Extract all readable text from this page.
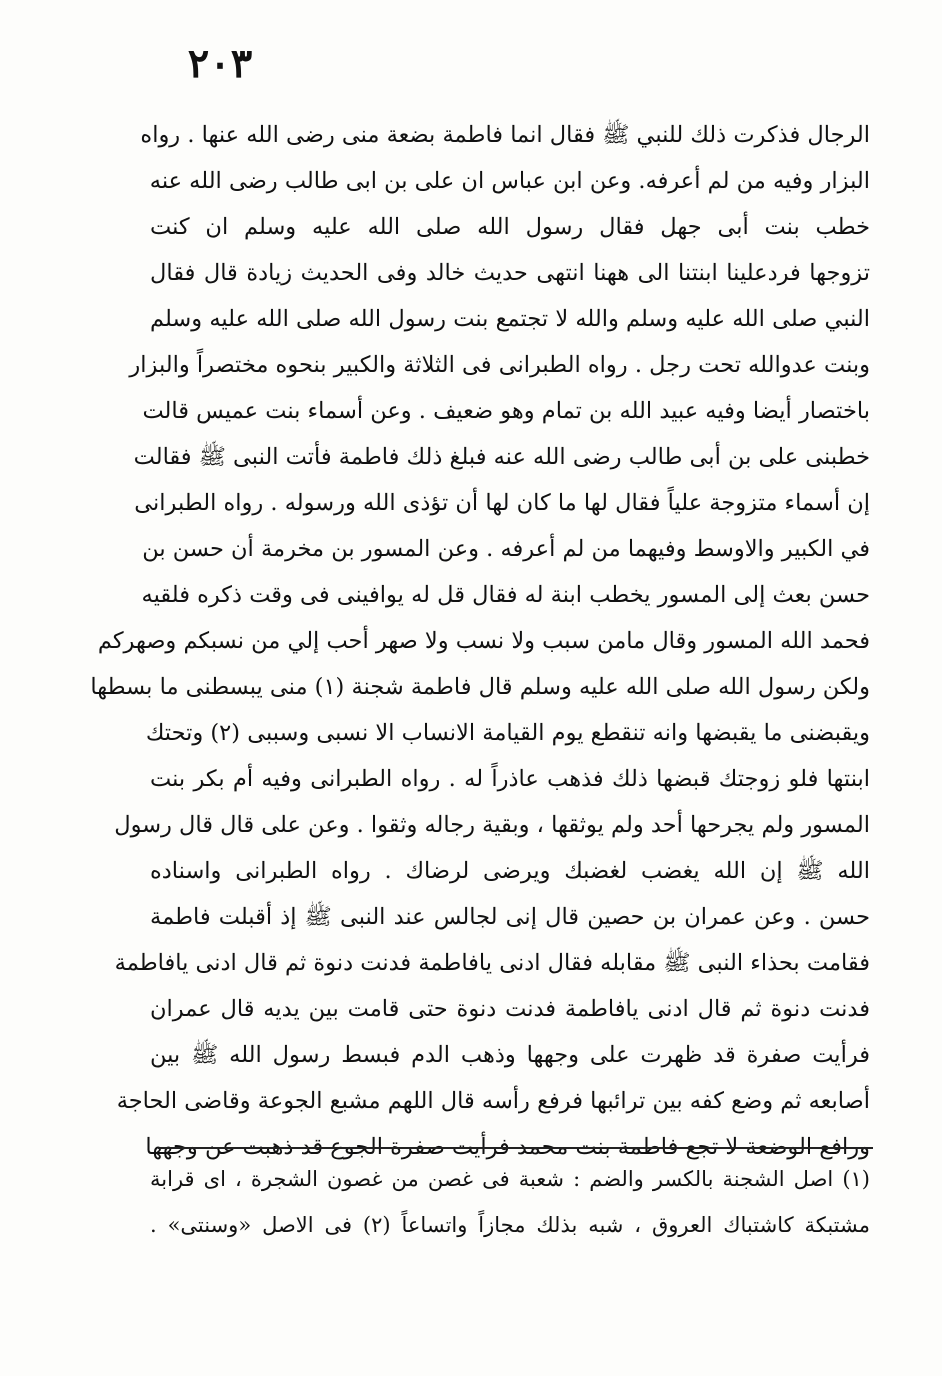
٢٠٣
الرجال فذكرت ذلك للنبي ﷺ فقال انما فاطمة بضعة منى رضى الله عنها . رواه
البزار وفيه من لم أعرفه. وعن ابن عباس ان على بن ابى طالب رضى الله عنه
خطب بنت أبى جهل فقال رسول الله صلى الله عليه وسلم ان كنت
تزوجها فردعلينا ابنتنا الى ههنا انتهى حديث خالد وفى الحديث زيادة قال فقال
النبي صلى الله عليه وسلم والله لا تجتمع بنت رسول الله صلى الله عليه وسلم
وبنت عدوالله تحت رجل . رواه الطبرانى فى الثلاثة والكبير بنحوه مختصراً والبزار
باختصار أيضا وفيه عبيد الله بن تمام وهو ضعيف . وعن أسماء بنت عميس قالت
خطبنى على بن أبى طالب رضى الله عنه فبلغ ذلك فاطمة فأتت النبى ﷺ فقالت
إن أسماء متزوجة علياً فقال لها ما كان لها أن تؤذى الله ورسوله . رواه الطبرانى
في الكبير والاوسط وفيهما من لم أعرفه . وعن المسور بن مخرمة أن حسن بن
حسن بعث إلى المسور يخطب ابنة له فقال قل له يوافينى فى وقت ذكره فلقيه
فحمد الله المسور وقال مامن سبب ولا نسب ولا صهر أحب إلي من نسبكم وصهركم
ولكن رسول الله صلى الله عليه وسلم قال فاطمة شجنة (١) منى يبسطنى ما بسطها
ويقبضنى ما يقبضها وانه تنقطع يوم القيامة الانساب الا نسبى وسببى (٢) وتحتك
ابنتها فلو زوجتك قبضها ذلك فذهب عاذراً له . رواه الطبرانى وفيه أم بكر بنت
المسور ولم يجرحها أحد ولم يوثقها ، وبقية رجاله وثقوا . وعن على قال قال رسول
الله ﷺ إن الله يغضب لغضبك ويرضى لرضاك . رواه الطبرانى واسناده
حسن . وعن عمران بن حصين قال إنى لجالس عند النبى ﷺ إذ أقبلت فاطمة
فقامت بحذاء النبى ﷺ مقابله فقال ادنى يافاطمة فدنت دنوة ثم قال ادنى يافاطمة
فدنت دنوة ثم قال ادنى يافاطمة فدنت دنوة حتى قامت بين يديه قال عمران
فرأيت صفرة قد ظهرت على وجهها وذهب الدم فبسط رسول الله ﷺ بين
أصابعه ثم وضع كفه بين ترائبها فرفع رأسه قال اللهم مشبع الجوعة وقاضى الحاجة
ورافع الوضعة لا تجع فاطمة بنت محمد فرأيت صفرة الجوع قد ذهبت عن وجهها
(١) اصل الشجنة بالكسر والضم : شعبة فى غصن من غصون الشجرة ، اى قرابة
مشتبكة كاشتباك العروق ، شبه بذلك مجازاً واتساعاً (٢) فى الاصل «وسنتى» .
